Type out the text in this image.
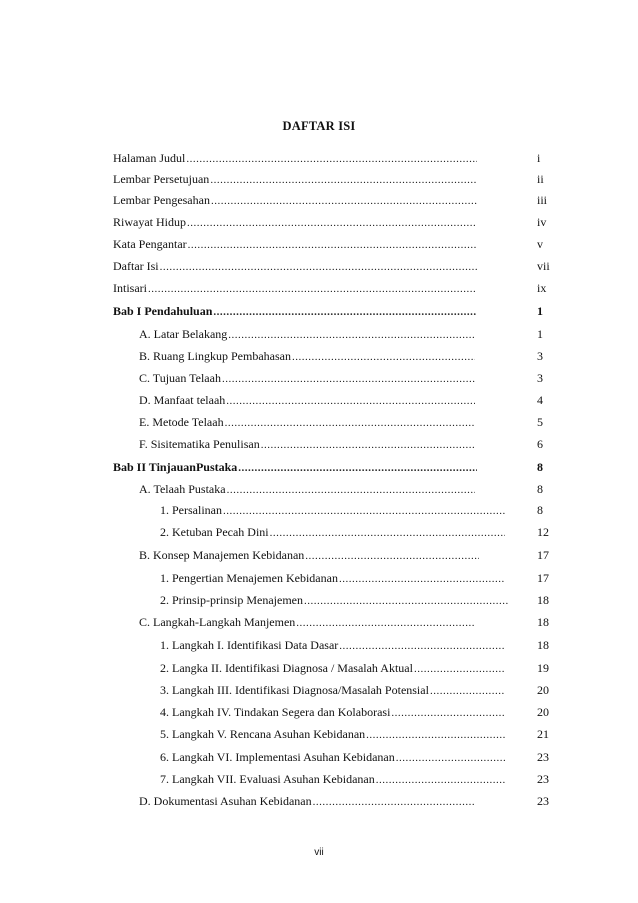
DAFTAR ISI
Halaman Judul .....	i
Lembar Persetujuan .....	ii
Lembar Pengesahan .....	iii
Riwayat Hidup .....	iv
Kata Pengantar .....	v
Daftar Isi .....	vii
Intisari .....	ix
Bab I Pendahuluan .....	1
A. Latar Belakang .....	1
B. Ruang Lingkup Pembahasan .....	3
C. Tujuan Telaah .....	3
D. Manfaat telaah .....	4
E. Metode Telaah .....	5
F. Sisitematika Penulisan .....	6
Bab II TinjauanPustaka .....	8
A. Telaah Pustaka .....	8
1. Persalinan .....	8
2. Ketuban Pecah Dini .....	12
B. Konsep Manajemen Kebidanan .....	17
1. Pengertian Menajemen Kebidanan .....	17
2. Prinsip-prinsip Menajemen .....	18
C. Langkah-Langkah Manjemen .....	18
1. Langkah I. Identifikasi Data Dasar .....	18
2. Langka II. Identifikasi Diagnosa / Masalah Aktual .....	19
3. Langkah III. Identifikasi Diagnosa/Masalah Potensial .....	20
4. Langkah IV. Tindakan Segera dan Kolaborasi .....	20
5. Langkah V. Rencana Asuhan Kebidanan .....	21
6. Langkah VI. Implementasi Asuhan Kebidanan .....	23
7. Langkah VII. Evaluasi Asuhan Kebidanan .....	23
D. Dokumentasi Asuhan Kebidanan .....	23
vii
